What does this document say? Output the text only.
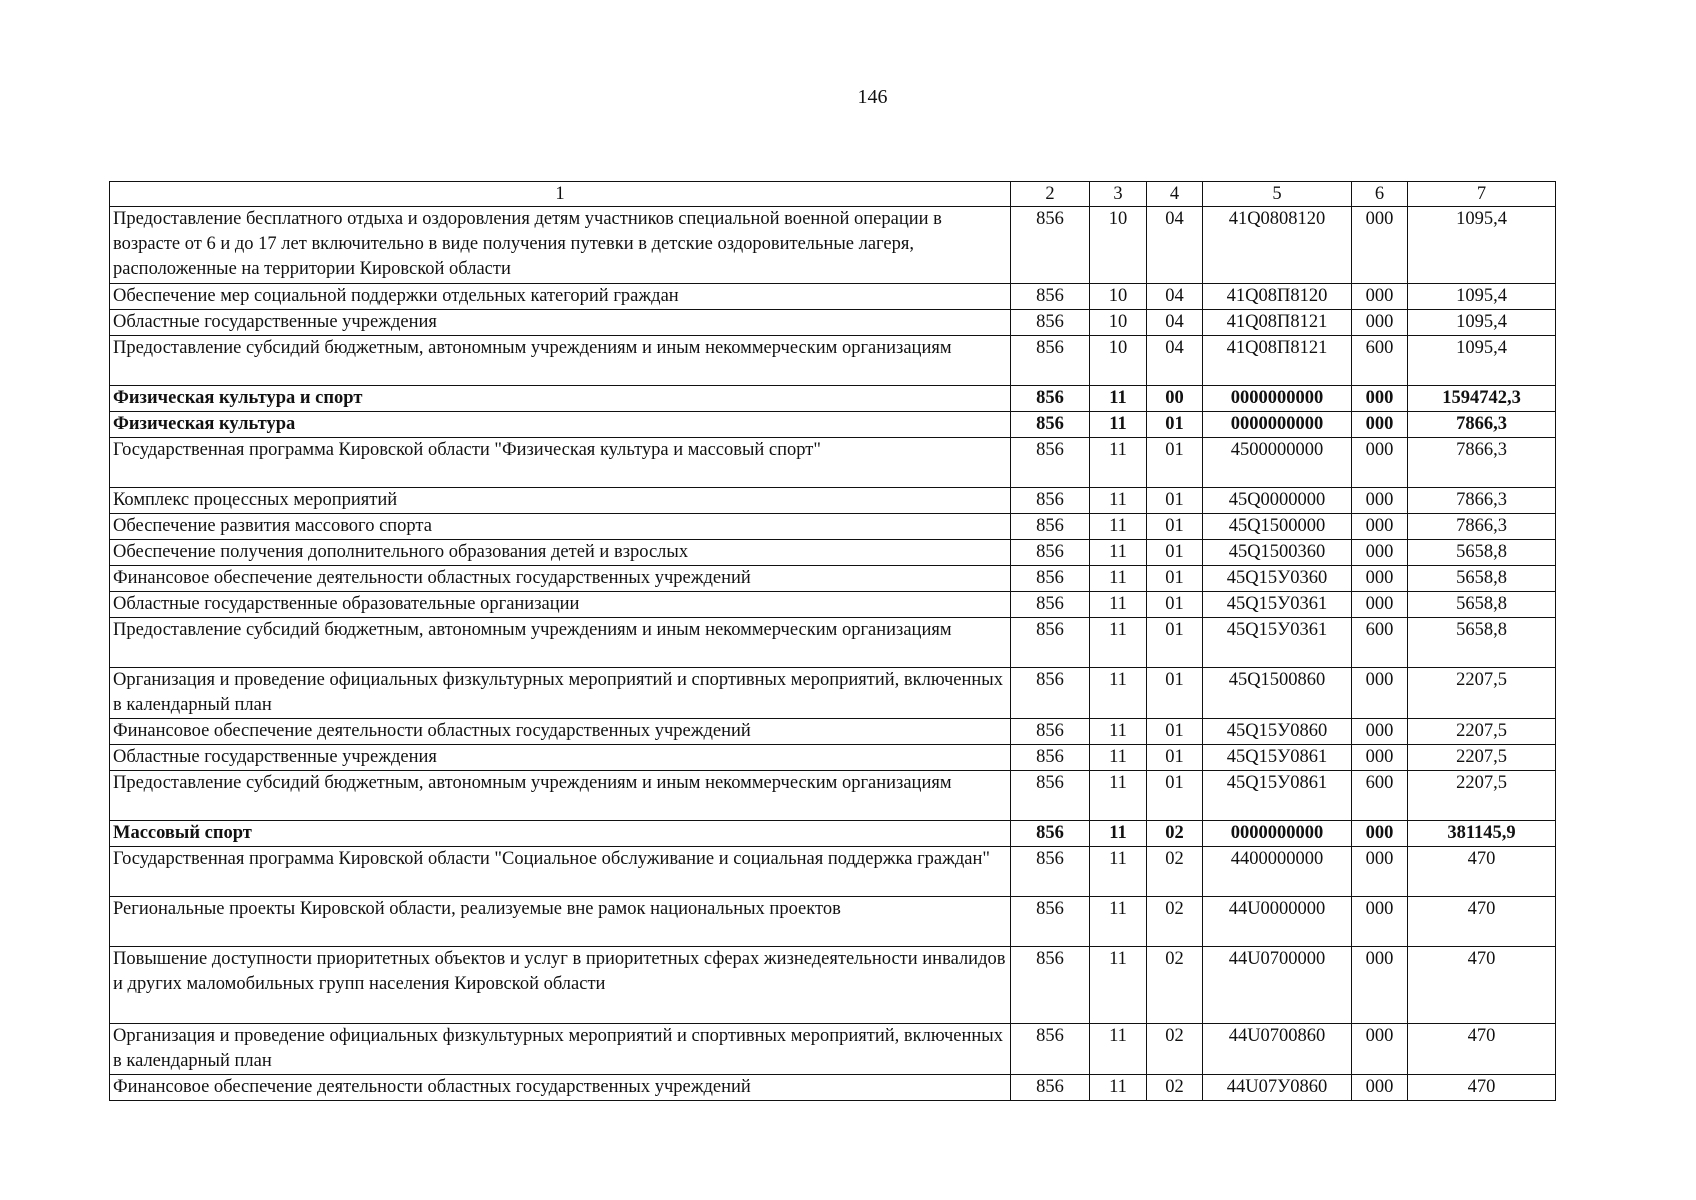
146
1	2	3	4	5	6	7
Предоставление бесплатного отдыха и оздоровления детям участников специальной военной операции в возрасте от 6 и до 17 лет включительно в виде получения путевки в детские оздоровительные лагеря, расположенные на территории Кировской области	856	10	04	41Q0808120	000	1095,4
Обеспечение мер социальной поддержки отдельных категорий граждан	856	10	04	41Q08П8120	000	1095,4
Областные государственные учреждения	856	10	04	41Q08П8121	000	1095,4
Предоставление субсидий бюджетным, автономным учреждениям и иным некоммерческим организациям	856	10	04	41Q08П8121	600	1095,4
Физическая культура и спорт	856	11	00	0000000000	000	1594742,3
Физическая культура	856	11	01	0000000000	000	7866,3
Государственная программа Кировской области "Физическая культура и массовый спорт"	856	11	01	4500000000	000	7866,3
Комплекс процессных мероприятий	856	11	01	45Q0000000	000	7866,3
Обеспечение развития массового спорта	856	11	01	45Q1500000	000	7866,3
Обеспечение получения дополнительного образования детей и взрослых	856	11	01	45Q1500360	000	5658,8
Финансовое обеспечение деятельности областных государственных учреждений	856	11	01	45Q15У0360	000	5658,8
Областные государственные образовательные организации	856	11	01	45Q15У0361	000	5658,8
Предоставление субсидий бюджетным, автономным учреждениям и иным некоммерческим организациям	856	11	01	45Q15У0361	600	5658,8
Организация и проведение официальных физкультурных мероприятий и спортивных мероприятий, включенных в календарный план	856	11	01	45Q1500860	000	2207,5
Финансовое обеспечение деятельности областных государственных учреждений	856	11	01	45Q15У0860	000	2207,5
Областные государственные учреждения	856	11	01	45Q15У0861	000	2207,5
Предоставление субсидий бюджетным, автономным учреждениям и иным некоммерческим организациям	856	11	01	45Q15У0861	600	2207,5
Массовый спорт	856	11	02	0000000000	000	381145,9
Государственная программа Кировской области "Социальное обслуживание и социальная поддержка граждан"	856	11	02	4400000000	000	470
Региональные проекты Кировской области, реализуемые вне рамок национальных проектов	856	11	02	44U0000000	000	470
Повышение доступности приоритетных объектов и услуг в приоритетных сферах жизнедеятельности инвалидов и других маломобильных групп населения Кировской области	856	11	02	44U0700000	000	470
Организация и проведение официальных физкультурных мероприятий и спортивных мероприятий, включенных в календарный план	856	11	02	44U0700860	000	470
Финансовое обеспечение деятельности областных государственных учреждений	856	11	02	44U07У0860	000	470
